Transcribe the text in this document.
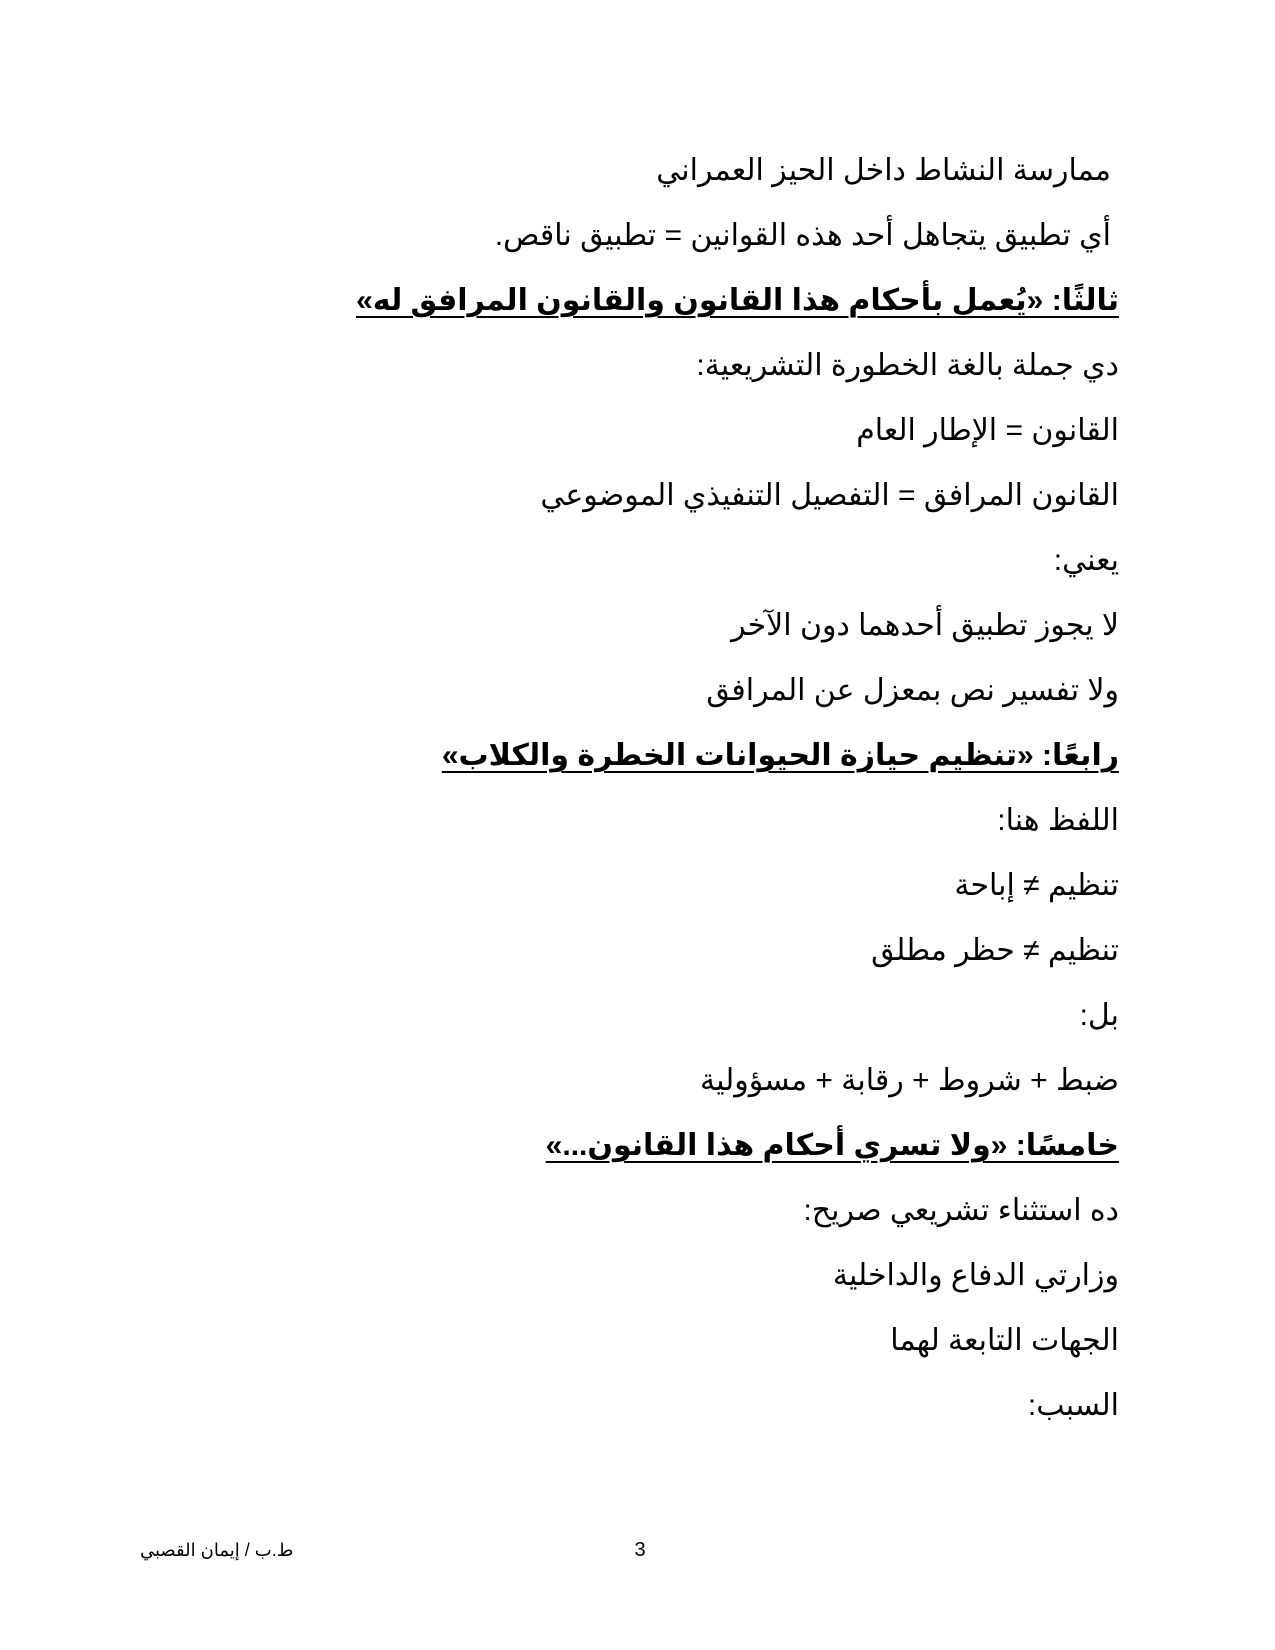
ممارسة النشاط داخل الحيز العمراني

أي تطبيق يتجاهل أحد هذه القوانين = تطبيق ناقص.

ثالثًا: «يُعمل بأحكام هذا القانون والقانون المرافق له»

دي جملة بالغة الخطورة التشريعية:

القانون = الإطار العام

القانون المرافق = التفصيل التنفيذي الموضوعي

يعني:

لا يجوز تطبيق أحدهما دون الآخر

ولا تفسير نص بمعزل عن المرافق

رابعًا: «تنظيم حيازة الحيوانات الخطرة والكلاب»

اللفظ هنا:

تنظيم ≠ إباحة

تنظيم ≠ حظر مطلق

بل:

ضبط + شروط + رقابة + مسؤولية

خامسًا: «ولا تسري أحكام هذا القانون...»

ده استثناء تشريعي صريح:

وزارتي الدفاع والداخلية

الجهات التابعة لهما

السبب:

3
ط.ب / إيمان القصبي
